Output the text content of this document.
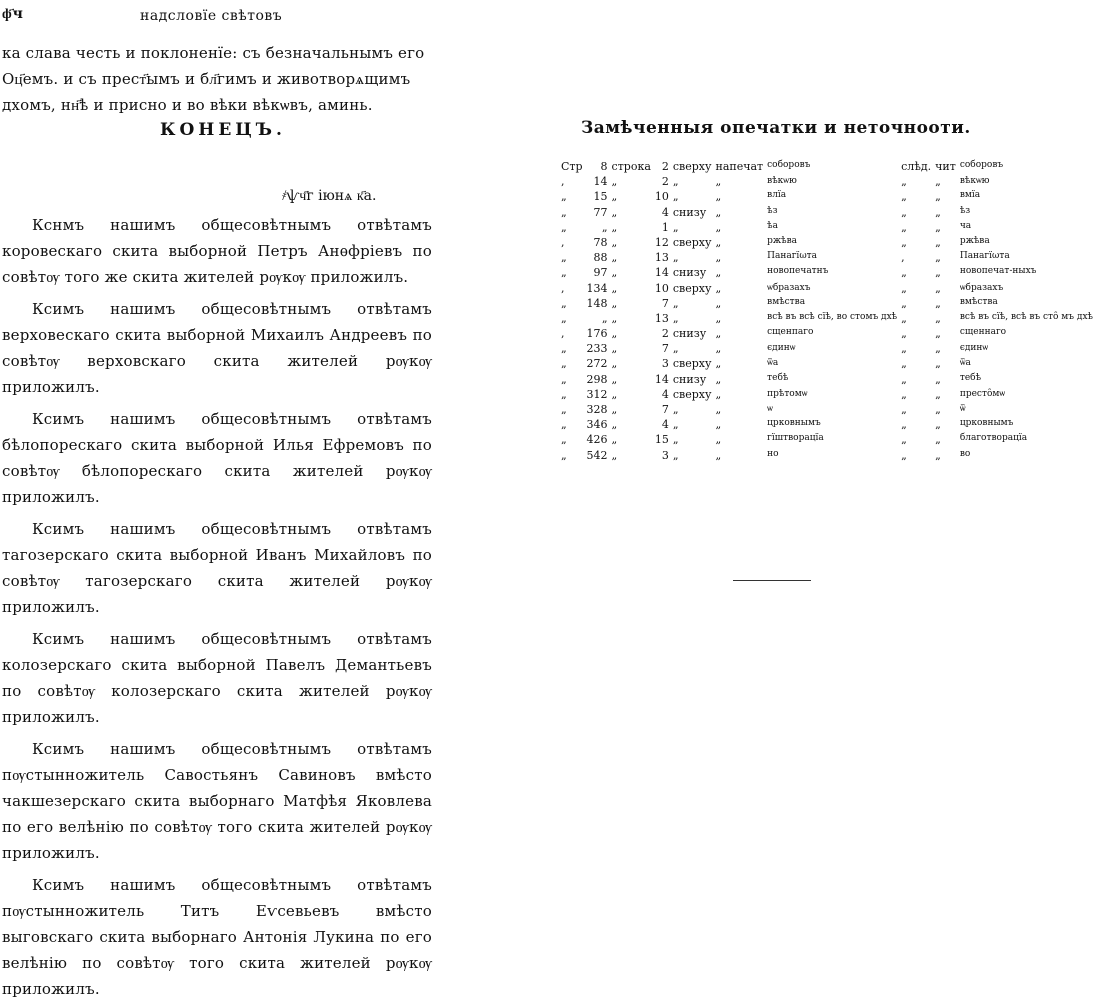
ф҃ч	надсловїе свѣтовъ
ка слава честь и поклоненїе: съ безначальнымъ его Оц҃емъ. и съ прест҃ымъ и бл҃гимъ и животворѧщимъ дхомъ, нн҃ѣ и присно и во вѣки вѣкѡвъ, аминь.
КОНЕЦЪ.
҂ѱч҃г іюнѧ к҃а.

Кснмъ нашимъ общесовѣтнымъ отвѣтамъ коровескаго скита выборной Петръ Анѳфріевъ по совѣтѹ того же скита жителей рѹкѹ приложилъ.

Ксимъ нашимъ общесовѣтнымъ отвѣтамъ верховескаго скита выборной Михаилъ Андреевъ по совѣтѹ верховскаго скита жителей рѹкѹ приложилъ.

Ксимъ нашимъ общесовѣтнымъ отвѣтамъ бѣлопорескаго скита выборной Илья Ефремовъ по совѣтѹ бѣлопорескаго скита жителей рѹкѹ приложилъ.

Ксимъ нашимъ общесовѣтнымъ отвѣтамъ тагозерскаго скита выборной Иванъ Михайловъ по совѣтѹ тагозерскаго скита жителей рѹкѹ приложилъ.

Ксимъ нашимъ общесовѣтнымъ отвѣтамъ колозерскаго скита выборной Павелъ Демантьевъ по совѣтѹ колозерскаго скита жителей рѹкѹ приложилъ.

Ксимъ нашимъ общесовѣтнымъ отвѣтамъ пѹстынножитель Савостьянъ Савиновъ вмѣсто чакшезерскаго скита выборнаго Матфѣя Яковлева по его велѣнію по совѣтѹ того скита жителей рѹкѹ приложилъ.

Ксимъ нашимъ общесовѣтнымъ отвѣтамъ пѹстынножитель Титъ Еѵсевьевъ вмѣсто выговскаго скита выборнаго Антонія Лукина по его велѣнію по совѣтѹ того скита жителей рѹкѹ приложилъ.

Замѣченныя опечатки и неточноoти.
Стр	8	строка	2	сверху	напечат	соборовъ	слѣд.	чит	соборовъ
,	14	„	2	„	„	вѣкѡю	„	„	вѣкѡю
„	15	„	10	„	„	влїа	„	„	вмїа
„	77	„	4	снизу	„	ѣз	„	„	ѣз
„	„	„	1	„	„	ѣа	„	„	ча
,	78	„	12	сверху	„	ржѣва	„	„	ржѣва
„	88	„	13	„	„	Панагїωта	,	„	Панагїωта
„	97	„	14	снизу	„	новопечатнъ	„	„	новопечат-ныхъ
,	134	„	10	сверху	„	ѡбразахъ	„	„	ѡбразахъ
„	148	„	7	„	„	вмѣства	„	„	вмѣства
„	„	„	13	„	„	всѣ въ всѣ сїѣ, во стомъ дхѣ	„	„	всѣ въ сїѣ, всѣ въ сто̑ мъ дхѣ
,	176	„	2	снизу	„	сщенпаго	„	„	сщеннаго
„	233	„	7	„	„	єдинѡ	„	„	єдинѡ
„	272	„	3	сверху	„	ѿа	„	„	ѿа
„	298	„	14	снизу	„	тебѣ	„	„	тебѣ
„	312	„	4	сверху	„	прѣтомѡ	„	„	престо̑мѡ
„	328	„	7	„	„	ѡ	„	„	ѿ
„	346	„	4	„	„	црковнымъ	„	„	црковнымъ
„	426	„	15	„	„	гїштворацїа	„	„	благотворацїа
„	542	„	3	„	„	но	„	„	во
